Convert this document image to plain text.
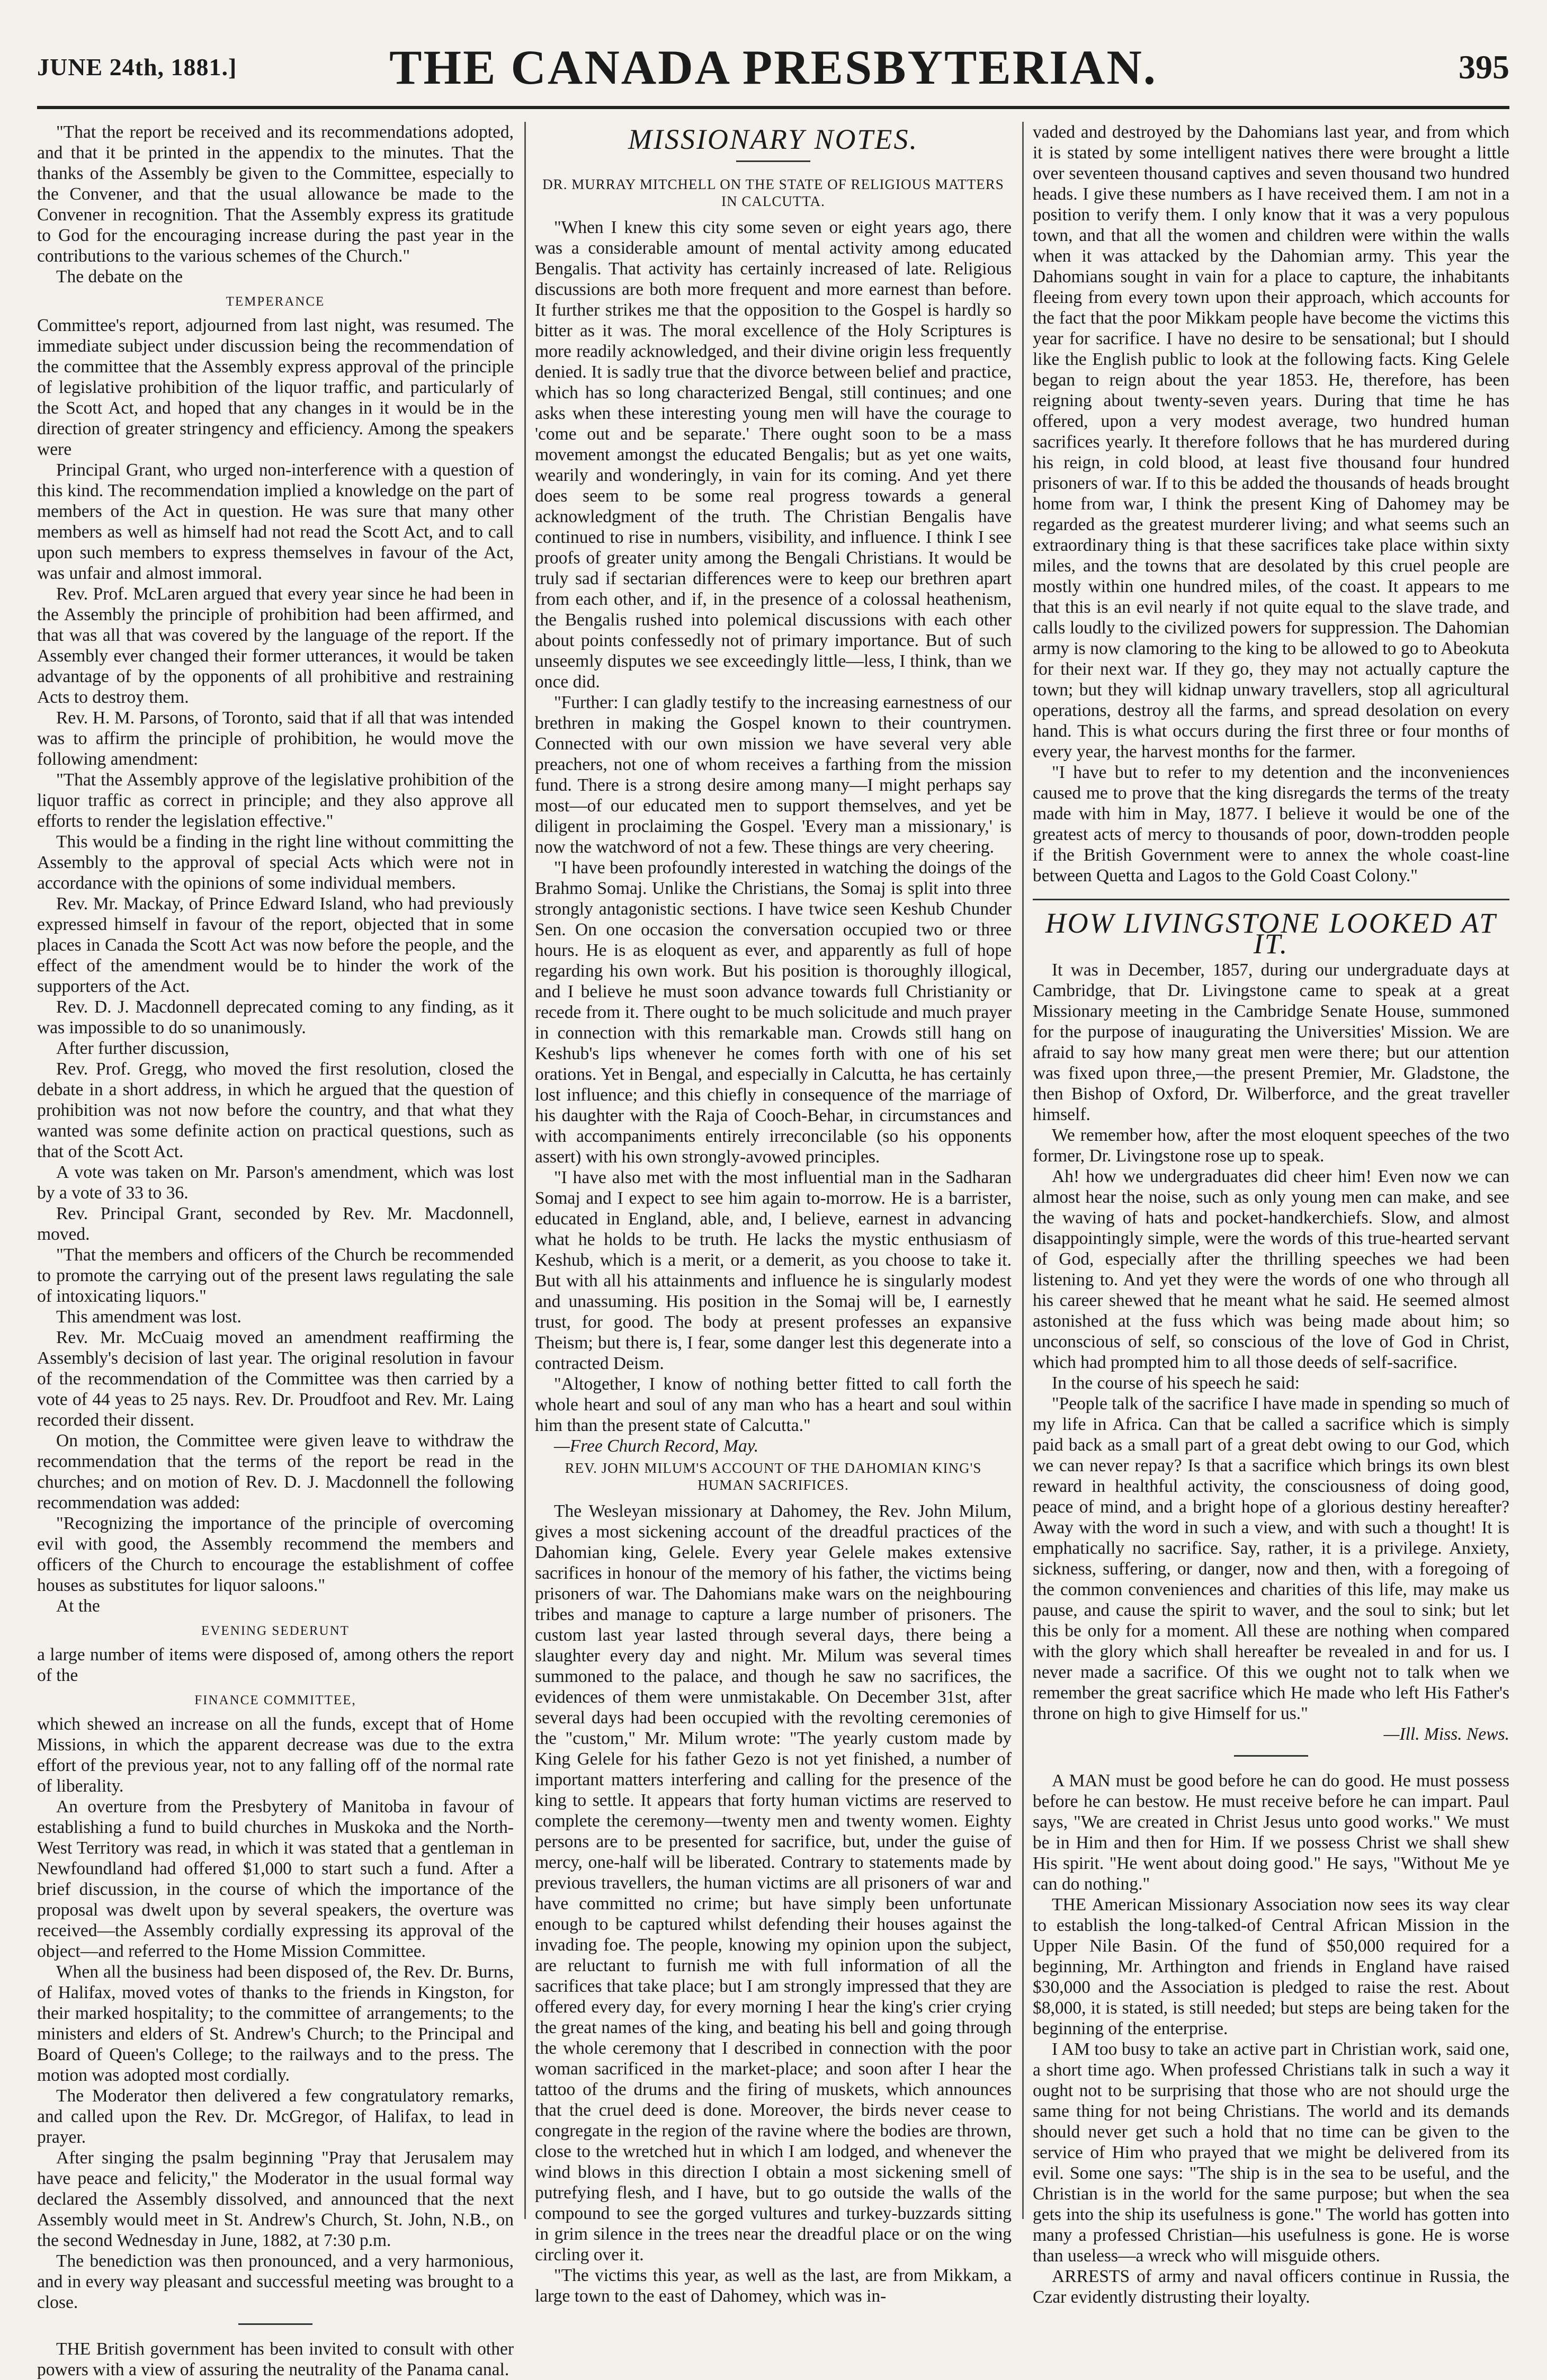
JUNE 24th, 1881.]	THE CANADA PRESBYTERIAN.	395

"That the report be received and its recommendations adopted, and that it be printed in the appendix to the minutes. That the thanks of the Assembly be given to the Committee, especially to the Convener, and that the usual allowance be made to the Convener in recognition. That the Assembly express its gratitude to God for the encouraging increase during the past year in the contributions to the various schemes of the Church."

The debate on the

TEMPERANCE

Committee's report, adjourned from last night, was resumed. The immediate subject under discussion being the recommendation of the committee that the Assembly express approval of the principle of legislative prohibition of the liquor traffic, and particularly of the Scott Act, and hoped that any changes in it would be in the direction of greater stringency and efficiency. Among the speakers were

Principal Grant, who urged non-interference with a question of this kind. The recommendation implied a knowledge on the part of members of the Act in question. He was sure that many other members as well as himself had not read the Scott Act, and to call upon such members to express themselves in favour of the Act, was unfair and almost immoral.

Rev. Prof. McLaren argued that every year since he had been in the Assembly the principle of prohibition had been affirmed, and that was all that was covered by the language of the report. If the Assembly ever changed their former utterances, it would be taken advantage of by the opponents of all prohibitive and restraining Acts to destroy them.

Rev. H. M. Parsons, of Toronto, said that if all that was intended was to affirm the principle of prohibition, he would move the following amendment:

"That the Assembly approve of the legislative prohibition of the liquor traffic as correct in principle; and they also approve all efforts to render the legislation effective."

This would be a finding in the right line without committing the Assembly to the approval of special Acts which were not in accordance with the opinions of some individual members.

Rev. Mr. Mackay, of Prince Edward Island, who had previously expressed himself in favour of the report, objected that in some places in Canada the Scott Act was now before the people, and the effect of the amendment would be to hinder the work of the supporters of the Act.

Rev. D. J. Macdonnell deprecated coming to any finding, as it was impossible to do so unanimously.

After further discussion,

Rev. Prof. Gregg, who moved the first resolution, closed the debate in a short address, in which he argued that the question of prohibition was not now before the country, and that what they wanted was some definite action on practical questions, such as that of the Scott Act.

A vote was taken on Mr. Parson's amendment, which was lost by a vote of 33 to 36.

Rev. Principal Grant, seconded by Rev. Mr. Macdonnell, moved.

"That the members and officers of the Church be recommended to promote the carrying out of the present laws regulating the sale of intoxicating liquors."

This amendment was lost.

Rev. Mr. McCuaig moved an amendment reaffirming the Assembly's decision of last year. The original resolution in favour of the recommendation of the Committee was then carried by a vote of 44 yeas to 25 nays. Rev. Dr. Proudfoot and Rev. Mr. Laing recorded their dissent.

On motion, the Committee were given leave to withdraw the recommendation that the terms of the report be read in the churches; and on motion of Rev. D. J. Macdonnell the following recommendation was added:

"Recognizing the importance of the principle of overcoming evil with good, the Assembly recommend the members and officers of the Church to encourage the establishment of coffee houses as substitutes for liquor saloons."

At the

EVENING SEDERUNT

a large number of items were disposed of, among others the report of the

FINANCE COMMITTEE,

which shewed an increase on all the funds, except that of Home Missions, in which the apparent decrease was due to the extra effort of the previous year, not to any falling off of the normal rate of liberality.

An overture from the Presbytery of Manitoba in favour of establishing a fund to build churches in Muskoka and the North-West Territory was read, in which it was stated that a gentleman in Newfoundland had offered $1,000 to start such a fund. After a brief discussion, in the course of which the importance of the proposal was dwelt upon by several speakers, the overture was received—the Assembly cordially expressing its approval of the object—and referred to the Home Mission Committee.

When all the business had been disposed of, the Rev. Dr. Burns, of Halifax, moved votes of thanks to the friends in Kingston, for their marked hospitality; to the committee of arrangements; to the ministers and elders of St. Andrew's Church; to the Principal and Board of Queen's College; to the railways and to the press. The motion was adopted most cordially.

The Moderator then delivered a few congratulatory remarks, and called upon the Rev. Dr. McGregor, of Halifax, to lead in prayer.

After singing the psalm beginning "Pray that Jerusalem may have peace and felicity," the Moderator in the usual formal way declared the Assembly dissolved, and announced that the next Assembly would meet in St. Andrew's Church, St. John, N.B., on the second Wednesday in June, 1882, at 7:30 p.m.

The benediction was then pronounced, and a very harmonious, and in every way pleasant and successful meeting was brought to a close.

THE British government has been invited to consult with other powers with a view of assuring the neutrality of the Panama canal.

MISSIONARY NOTES.

DR. MURRAY MITCHELL ON THE STATE OF RELIGIOUS MATTERS IN CALCUTTA.

"When I knew this city some seven or eight years ago, there was a considerable amount of mental activity among educated Bengalis. That activity has certainly increased of late. Religious discussions are both more frequent and more earnest than before. It further strikes me that the opposition to the Gospel is hardly so bitter as it was. The moral excellence of the Holy Scriptures is more readily acknowledged, and their divine origin less frequently denied. It is sadly true that the divorce between belief and practice, which has so long characterized Bengal, still continues; and one asks when these interesting young men will have the courage to 'come out and be separate.' There ought soon to be a mass movement amongst the educated Bengalis; but as yet one waits, wearily and wonderingly, in vain for its coming. And yet there does seem to be some real progress towards a general acknowledgment of the truth. The Christian Bengalis have continued to rise in numbers, visibility, and influence. I think I see proofs of greater unity among the Bengali Christians. It would be truly sad if sectarian differences were to keep our brethren apart from each other, and if, in the presence of a colossal heathenism, the Bengalis rushed into polemical discussions with each other about points confessedly not of primary importance. But of such unseemly disputes we see exceedingly little—less, I think, than we once did.

"Further: I can gladly testify to the increasing earnestness of our brethren in making the Gospel known to their countrymen. Connected with our own mission we have several very able preachers, not one of whom receives a farthing from the mission fund. There is a strong desire among many—I might perhaps say most—of our educated men to support themselves, and yet be diligent in proclaiming the Gospel. 'Every man a missionary,' is now the watchword of not a few. These things are very cheering.

"I have been profoundly interested in watching the doings of the Brahmo Somaj. Unlike the Christians, the Somaj is split into three strongly antagonistic sections. I have twice seen Keshub Chunder Sen. On one occasion the conversation occupied two or three hours. He is as eloquent as ever, and apparently as full of hope regarding his own work. But his position is thoroughly illogical, and I believe he must soon advance towards full Christianity or recede from it. There ought to be much solicitude and much prayer in connection with this remarkable man. Crowds still hang on Keshub's lips whenever he comes forth with one of his set orations. Yet in Bengal, and especially in Calcutta, he has certainly lost influence; and this chiefly in consequence of the marriage of his daughter with the Raja of Cooch-Behar, in circumstances and with accompaniments entirely irreconcilable (so his opponents assert) with his own strongly-avowed principles.

"I have also met with the most influential man in the Sadharan Somaj and I expect to see him again to-morrow. He is a barrister, educated in England, able, and, I believe, earnest in advancing what he holds to be truth. He lacks the mystic enthusiasm of Keshub, which is a merit, or a demerit, as you choose to take it. But with all his attainments and influence he is singularly modest and unassuming. His position in the Somaj will be, I earnestly trust, for good. The body at present professes an expansive Theism; but there is, I fear, some danger lest this degenerate into a contracted Deism.

"Altogether, I know of nothing better fitted to call forth the whole heart and soul of any man who has a heart and soul within him than the present state of Calcutta."

—Free Church Record, May.

REV. JOHN MILUM'S ACCOUNT OF THE DAHOMIAN KING'S HUMAN SACRIFICES.

The Wesleyan missionary at Dahomey, the Rev. John Milum, gives a most sickening account of the dreadful practices of the Dahomian king, Gelele. Every year Gelele makes extensive sacrifices in honour of the memory of his father, the victims being prisoners of war. The Dahomians make wars on the neighbouring tribes and manage to capture a large number of prisoners. The custom last year lasted through several days, there being a slaughter every day and night. Mr. Milum was several times summoned to the palace, and though he saw no sacrifices, the evidences of them were unmistakable. On December 31st, after several days had been occupied with the revolting ceremonies of the "custom," Mr. Milum wrote: "The yearly custom made by King Gelele for his father Gezo is not yet finished, a number of important matters interfering and calling for the presence of the king to settle. It appears that forty human victims are reserved to complete the ceremony—twenty men and twenty women. Eighty persons are to be presented for sacrifice, but, under the guise of mercy, one-half will be liberated. Contrary to statements made by previous travellers, the human victims are all prisoners of war and have committed no crime; but have simply been unfortunate enough to be captured whilst defending their houses against the invading foe. The people, knowing my opinion upon the subject, are reluctant to furnish me with full information of all the sacrifices that take place; but I am strongly impressed that they are offered every day, for every morning I hear the king's crier crying the great names of the king, and beating his bell and going through the whole ceremony that I described in connection with the poor woman sacrificed in the market-place; and soon after I hear the tattoo of the drums and the firing of muskets, which announces that the cruel deed is done. Moreover, the birds never cease to congregate in the region of the ravine where the bodies are thrown, close to the wretched hut in which I am lodged, and whenever the wind blows in this direction I obtain a most sickening smell of putrefying flesh, and I have, but to go outside the walls of the compound to see the gorged vultures and turkey-buzzards sitting in grim silence in the trees near the dreadful place or on the wing circling over it.

"The victims this year, as well as the last, are from Mikkam, a large town to the east of Dahomey, which was in-

vaded and destroyed by the Dahomians last year, and from which it is stated by some intelligent natives there were brought a little over seventeen thousand captives and seven thousand two hundred heads. I give these numbers as I have received them. I am not in a position to verify them. I only know that it was a very populous town, and that all the women and children were within the walls when it was attacked by the Dahomian army. This year the Dahomians sought in vain for a place to capture, the inhabitants fleeing from every town upon their approach, which accounts for the fact that the poor Mikkam people have become the victims this year for sacrifice. I have no desire to be sensational; but I should like the English public to look at the following facts. King Gelele began to reign about the year 1853. He, therefore, has been reigning about twenty-seven years. During that time he has offered, upon a very modest average, two hundred human sacrifices yearly. It therefore follows that he has murdered during his reign, in cold blood, at least five thousand four hundred prisoners of war. If to this be added the thousands of heads brought home from war, I think the present King of Dahomey may be regarded as the greatest murderer living; and what seems such an extraordinary thing is that these sacrifices take place within sixty miles, and the towns that are desolated by this cruel people are mostly within one hundred miles, of the coast. It appears to me that this is an evil nearly if not quite equal to the slave trade, and calls loudly to the civilized powers for suppression. The Dahomian army is now clamoring to the king to be allowed to go to Abeokuta for their next war. If they go, they may not actually capture the town; but they will kidnap unwary travellers, stop all agricultural operations, destroy all the farms, and spread desolation on every hand. This is what occurs during the first three or four months of every year, the harvest months for the farmer.

"I have but to refer to my detention and the inconveniences caused me to prove that the king disregards the terms of the treaty made with him in May, 1877. I believe it would be one of the greatest acts of mercy to thousands of poor, down-trodden people if the British Government were to annex the whole coast-line between Quetta and Lagos to the Gold Coast Colony."

HOW LIVINGSTONE LOOKED AT IT.

It was in December, 1857, during our undergraduate days at Cambridge, that Dr. Livingstone came to speak at a great Missionary meeting in the Cambridge Senate House, summoned for the purpose of inaugurating the Universities' Mission. We are afraid to say how many great men were there; but our attention was fixed upon three,—the present Premier, Mr. Gladstone, the then Bishop of Oxford, Dr. Wilberforce, and the great traveller himself.

We remember how, after the most eloquent speeches of the two former, Dr. Livingstone rose up to speak.

Ah! how we undergraduates did cheer him! Even now we can almost hear the noise, such as only young men can make, and see the waving of hats and pocket-handkerchiefs. Slow, and almost disappointingly simple, were the words of this true-hearted servant of God, especially after the thrilling speeches we had been listening to. And yet they were the words of one who through all his career shewed that he meant what he said. He seemed almost astonished at the fuss which was being made about him; so unconscious of self, so conscious of the love of God in Christ, which had prompted him to all those deeds of self-sacrifice.

In the course of his speech he said:

"People talk of the sacrifice I have made in spending so much of my life in Africa. Can that be called a sacrifice which is simply paid back as a small part of a great debt owing to our God, which we can never repay? Is that a sacrifice which brings its own blest reward in healthful activity, the consciousness of doing good, peace of mind, and a bright hope of a glorious destiny hereafter? Away with the word in such a view, and with such a thought! It is emphatically no sacrifice. Say, rather, it is a privilege. Anxiety, sickness, suffering, or danger, now and then, with a foregoing of the common conveniences and charities of this life, may make us pause, and cause the spirit to waver, and the soul to sink; but let this be only for a moment. All these are nothing when compared with the glory which shall hereafter be revealed in and for us. I never made a sacrifice. Of this we ought not to talk when we remember the great sacrifice which He made who left His Father's throne on high to give Himself for us."

—Ill. Miss. News.

A MAN must be good before he can do good. He must possess before he can bestow. He must receive before he can impart. Paul says, "We are created in Christ Jesus unto good works." We must be in Him and then for Him. If we possess Christ we shall shew His spirit. "He went about doing good." He says, "Without Me ye can do nothing."

THE American Missionary Association now sees its way clear to establish the long-talked-of Central African Mission in the Upper Nile Basin. Of the fund of $50,000 required for a beginning, Mr. Arthington and friends in England have raised $30,000 and the Association is pledged to raise the rest. About $8,000, it is stated, is still needed; but steps are being taken for the beginning of the enterprise.

I AM too busy to take an active part in Christian work, said one, a short time ago. When professed Christians talk in such a way it ought not to be surprising that those who are not should urge the same thing for not being Christians. The world and its demands should never get such a hold that no time can be given to the service of Him who prayed that we might be delivered from its evil. Some one says: "The ship is in the sea to be useful, and the Christian is in the world for the same purpose; but when the sea gets into the ship its usefulness is gone." The world has gotten into many a professed Christian—his usefulness is gone. He is worse than useless—a wreck who will misguide others.

ARRESTS of army and naval officers continue in Russia, the Czar evidently distrusting their loyalty.
